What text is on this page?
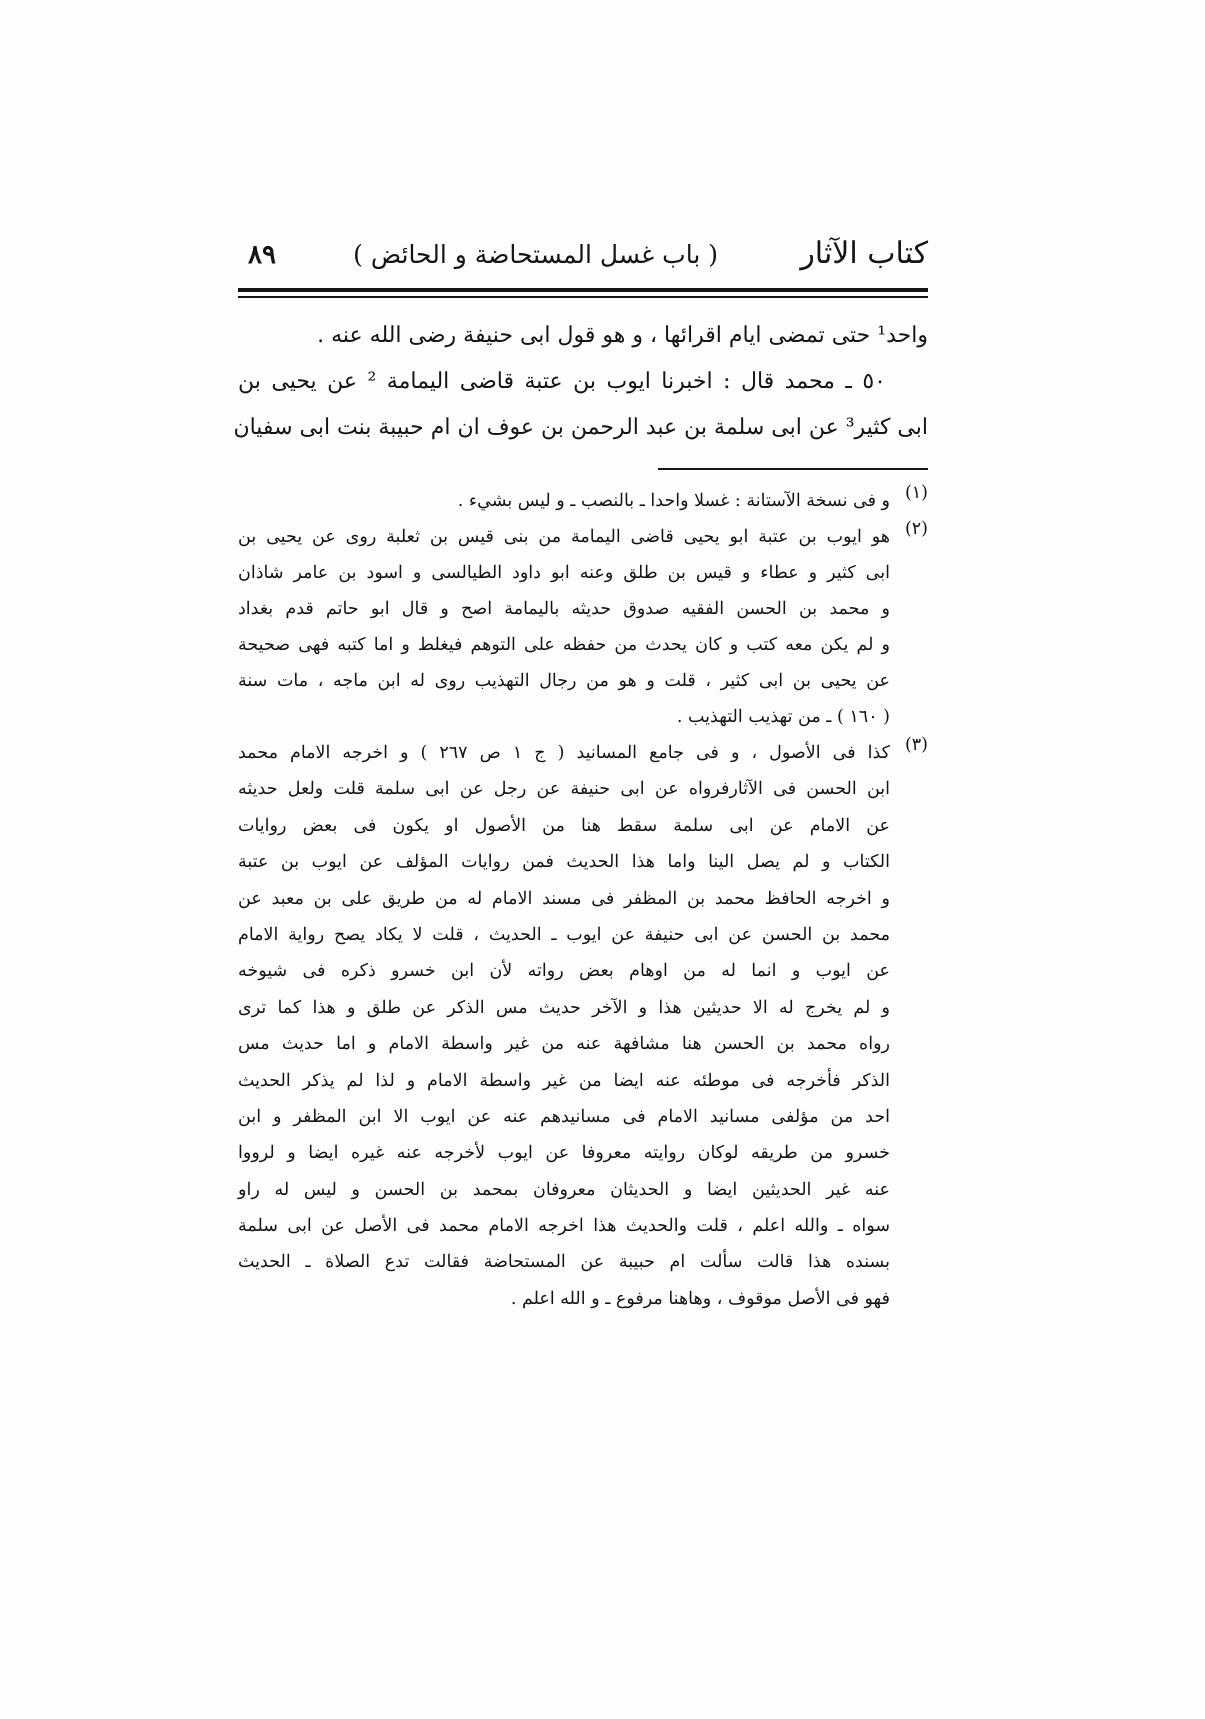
كتاب الآثار
( باب غسل المستحاضة و الحائض )
٨٩
واحد¹ حتى تمضى ايام اقرائها ، و هو قول ابى حنيفة رضى الله عنه .
٥٠ ـ محمد قال : اخبرنا ايوب بن عتبة قاضى اليمامة ² عن يحيى بن
ابى كثير³ عن ابى سلمة بن عبد الرحمن بن عوف ان ام حبيبة بنت ابى سفيان
(١)
و فى نسخة الآستانة : غسلا واحدا ـ بالنصب ـ و ليس بشيء .
(٢)
هو ايوب بن عتبة ابو يحيى قاضى اليمامة من بنى قيس بن ثعلبة روى عن يحيى بن
ابى كثير و عطاء و قيس بن طلق وعنه ابو داود الطيالسى و اسود بن عامر شاذان
و محمد بن الحسن الفقيه صدوق حديثه باليمامة اصح و قال ابو حاتم قدم بغداد
و لم يكن معه كتب و كان يحدث من حفظه على التوهم فيغلط و اما كتبه فهى صحيحة
عن يحيى بن ابى كثير ، قلت و هو من رجال التهذيب روى له ابن ماجه ، مات سنة
( ١٦٠ ) ـ من تهذيب التهذيب .
(٣)
كذا فى الأصول ، و فى جامع المسانيد ( ج ١ ص ٢٦٧ ) و اخرجه الامام محمد
ابن الحسن فى الآثارفرواه عن ابى حنيفة عن رجل عن ابى سلمة قلت ولعل حديثه
عن الامام عن ابى سلمة سقط هنا من الأصول او يكون فى بعض روايات
الكتاب و لم يصل الينا واما هذا الحديث فمن روايات المؤلف عن ايوب بن عتبة
و اخرجه الحافظ محمد بن المظفر فى مسند الامام له من طريق على بن معبد عن
محمد بن الحسن عن ابى حنيفة عن ايوب ـ الحديث ، قلت لا يكاد يصح رواية الامام
عن ايوب و انما له من اوهام بعض رواته لأن ابن خسرو ذكره فى شيوخه
و لم يخرج له الا حديثين هذا و الآخر حديث مس الذكر عن طلق و هذا كما ترى
رواه محمد بن الحسن هنا مشافهة عنه من غير واسطة الامام و اما حديث مس
الذكر فأخرجه فى موطئه عنه ايضا من غير واسطة الامام و لذا لم يذكر الحديث
احد من مؤلفى مسانيد الامام فى مسانيدهم عنه عن ايوب الا ابن المظفر و ابن
خسرو من طريقه لوكان روايته معروفا عن ايوب لأخرجه عنه غيره ايضا و لرووا
عنه غير الحديثين ايضا و الحديثان معروفان بمحمد بن الحسن و ليس له راو
سواه ـ والله اعلم ، قلت والحديث هذا اخرجه الامام محمد فى الأصل عن ابى سلمة
بسنده هذا قالت سألت ام حبيبة عن المستحاضة فقالت تدع الصلاة ـ الحديث
فهو فى الأصل موقوف ، وهاهنا مرفوع ـ و الله اعلم .
